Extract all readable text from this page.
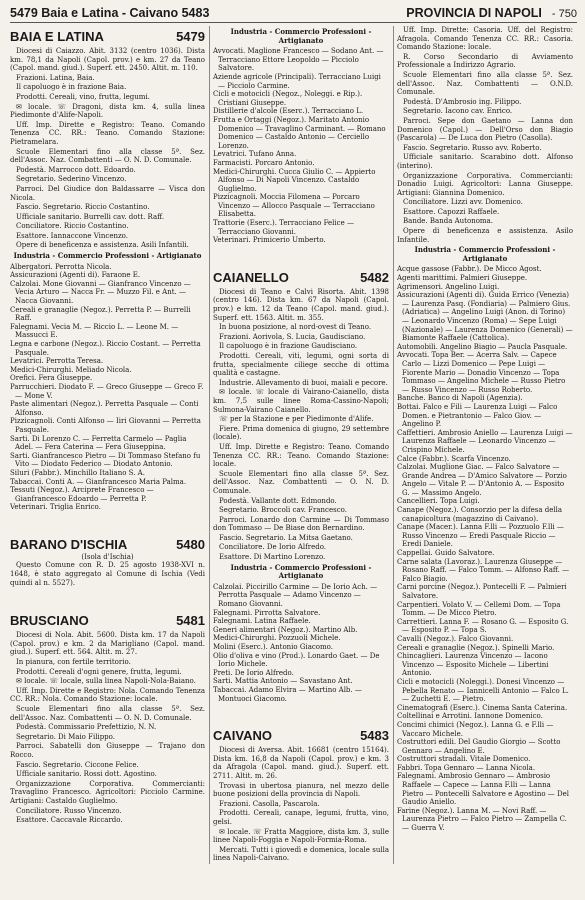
5479 Baia e Latina - Caivano 5483	PROVINCIA DI NAPOLI - 750
BAIA E LATINA	5479

Diocesi di Caiazzo. Abit. 3132 (centro 1036). Dista km. 78,1 da Napoli (Capol. prov.) e km. 27 da Teano (Capol. mand. giud.). Superf. ett. 2450. Altit. m. 110.

Frazioni. Latina, Baia.

Il capoluogo è in frazione Baia.

Prodotti. Cereali, vino, frutta, legumi.

✉ locale. ☏ Dragoni, dista km. 4, sulla linea Piedimonte d'Alife-Napoli.

Uff. Imp. Dirette e Registro: Teano. Comando Tenenza CC. RR.: Teano. Comando Stazione: Pietramelara.

Scuole Elementari fino alla classe 5ª. Sez. dell'Assoc. Naz. Combattenti — O. N. D. Comunale.

Podestà. Marrocco dott. Edoardo.

Segretario. Sederino Vincenzo.

Parroci. Del Giudice don Baldassarre — Visca don Nicola.

Fascio. Segretario. Riccio Costantino.

Ufficiale sanitario. Burrelli cav. dott. Raff.

Conciliatore. Riccio Costantino.

Esattore. Iannaccone Vincenzo.

Opere di beneficenza e assistenza. Asili Infantili.

Industria - Commercio Professioni - Artigianato

Albergatori. Perrotta Nicola.

Assicurazioni (Agenti di). Faraone E.

Calzolai. Mone Giovanni — Gianfranco Vincenzo — Vecia Arturo — Nacca Fr. — Muzzo Fil. e Ant. — Nacca Giovanni.

Cereali e granaglie (Negoz.). Perretta P. — Burrelli Raff.

Falegnami. Vecia M. — Riccio L. — Leone M. — Massucci E.

Legna e carbone (Negoz.). Riccio Costant. — Perretta Pasquale.

Levatrici. Perrotta Teresa.

Medici-Chirurghi. Meliado Nicola.

Orefici. Fera Giuseppe.

Parrucchieri. Diodato F. — Greco Giuseppe — Greco F. — Mone V.

Paste alimentari (Negoz.). Perretta Pasquale — Conti Alfonso.

Pizzicagnoli. Conti Alfonso — Iiri Giovanni — Perretta Pasquale.

Sarti. Di Lorenzo C. — Ferretta Carmelo — Paglia Adel. — Fera Caterina — Fera Giuseppina.

Sarti. Gianfrancesco Pietro — Di Tommaso Stefano fu Vito — Diodato Federico — Diodato Antonio.

Siluri (Fabbr.). Minchillo Italiano S. A.

Tabaccai. Conti A. — Gianfrancesco Maria Palma.

Tessuti (Negoz.). Arciprete Francesco — Gianfrancesco Edoardo — Perretta P.

Veterinari. Triglia Enrico.

BARANO D'ISCHIA	5480
(Isola d'Ischia)

Questo Comune con R. D. 25 agosto 1938-XVI n. 1648, è stato aggregato al Comune di Ischia (Vedi quindi al n. 5527).

BRUSCIANO	5481

Diocesi di Nola. Abit. 5600. Dista km. 17 da Napoli (Capol. prov.) e km. 2 da Marigliano (Capol. mand. giud.). Superf. ett. 564. Altit. m. 27.

In pianura, con fertile territorio.

Prodotti. Cereali d'ogni genere, frutta, legumi.

✉ locale. ☏ locale, sulla linea Napoli-Nola-Baiano.

Uff. Imp. Dirette e Registro: Nola. Comando Tenenza CC. RR.: Nola. Comando Stazione: locale.

Scuole Elementari fino alla classe 5ª. Sez. dell'Assoc. Naz. Combattenti — O. N. D. Comunale.

Podestà. Commissario Prefettizio, N. N.

Segretario. Di Maio Filippo.

Parroci. Sabatelli don Giuseppe — Trajano don Rocco.

Fascio. Segretario. Ciccone Felice.

Ufficiale sanitario. Rossi dott. Agostino.

Organizzazione Corporativa. Commercianti: Travaglino Francesco. Agricoltori: Picciolo Carmine. Artigiani: Castaldo Guglielmo.

Conciliatore. Russo Vincenzo.

Esattore. Caccavale Riccardo.

Industria - Commercio Professioni - Artigianato

Avvocati. Maglione Francesco — Sodano Ant. — Terracciano Ettore Leopoldo — Picciolo Salvatore.

Aziende agricole (Principali). Terracciano Luigi — Picciolo Carmine.

Cicli e motocicli (Negoz., Noleggi. e Rip.). Cristiani Giuseppe.

Distillerie d'alcole (Eserc.). Terracciano L.

Frutta e Ortaggi (Negoz.). Maritato Antonio Domenico — Travaglino Carminant. — Romano Domenico — Castaldo Antonio — Cerciello Lorenzo.

Levatrici. Tufano Anna.

Farmacisti. Porcaro Antonio.

Medici-Chirurghi. Cucca Giulio C. — Appierto Alfonso — Di Napoli Vincenzo. Castaldo Guglielmo.

Pizzicagnoli. Moccia Filomena — Porcaro Vincenzo — Allocco Pasquale — Terracciano Elisabetta.

Trattorie (Eserc.). Terracciano Felice — Terracciano Giovanni.

Veterinari. Primicerio Umberto.

CAIANELLO	5482

Diocesi di Teano e Calvi Risorta. Abit. 1398 (centro 146). Dista km. 67 da Napoli (Capol. prov.) e km. 12 da Teano (Capol. mand. giud.). Superf. ett. 1563. Altit. m. 355.

In buona posizione, al nord-ovest di Teano.

Frazioni. Aorivola, S. Lucia, Gaudisciano.

Il capoluogo è in frazione Gaudisciano.

Prodotti. Cereali, viti, legumi, ogni sorta di frutta, specialmente ciliege secche di ottima qualità e castagne.

Industrie. Allevamento di buoi, maiali e pecore.

✉ locale. ☏ locale di Vairano-Caianello, dista km. 7,5 sulle linee Roma-Cassino-Napoli; Sulmona-Vairano Caianello.

☏ per la Stazione e per Piedimonte d'Alife.

Fiere. Prima domenica di giugno, 29 settembre (locale).

Uff. Imp. Dirette e Registro: Teano. Comando Tenenza CC. RR.: Teano. Comando Stazione: locale.

Scuole Elementari fino alla classe 5ª. Sez. dell'Assoc. Naz. Combattenti — O. N. D. Comunale.

Podestà. Vallante dott. Edmondo.

Segretario. Broccoli cav. Francesco.

Parroci. Lonardo don Carmine — Di Tommaso don Tommaso — De Biase don Bernardino.

Fascio. Segretario. La Mitsa Gaetano.

Conciliatore. De Iorio Alfredo.

Esattore. Di Martino Lorenzo.

Industria - Commercio Professioni - Artigianato

Calzolai. Piccirillo Carmine — De Iorio Ach. — Perrotta Pasquale — Adamo Vincenzo — Romano Giovanni.

Falegnami. Pirrotta Salvatore.

Falegnami. Latina Raffaele.

Generi alimentari (Negoz.). Martino Alb.

Medici-Chirurghi. Pozzuoli Michele.

Molini (Eserc.). Antonio Giacomo.

Olio d'oliva e vino (Prod.). Lonardo Gaet. — De Iorio Michele.

Preti. De Iorio Alfredo.

Sarti. Mattia Antonio — Savastano Ant.

Tabaccai. Adamo Elvira — Martino Alb. — Montuoci Giacomo.

CAIVANO	5483

Diocesi di Aversa. Abit. 16681 (centro 15164). Dista km. 16,8 da Napoli (Capol. prov.) e km. 3 da Afragola (Capol. mand. giud.). Superf. ett. 2711. Altit. m. 26.

Trovasi in ubertosa pianura, nel mezzo delle buone posizioni della provincia di Napoli.

Frazioni. Casolla, Pascarola.

Prodotti. Cereali, canape, legumi, frutta, vino, gelsi.

✉ locale. ☏ Fratta Maggiore, dista km. 3, sulle linee Napoli-Foggia e Napoli-Formia-Roma.

Mercati. Tutti i giovedì e domenica, locale sulla linea Napoli-Caivano.

Uff. Imp. Dirette: Casoria. Uff. del Registro: Afragola. Comando Tenenza CC. RR.: Casoria. Comando Stazione: locale.

R. Corso Secondario di Avviamento Professionale a Indirizzo Agrario.

Scuole Elementari fino alla classe 5ª. Sez. dell'Assoc. Naz. Combattenti — O.N.D. Comunale.

Podestà. D'Ambrosio ing. Filippo.

Segretario. Iacono cav. Enrico.

Parroci. Sepe don Gaetano — Lanna don Domenico (Capol.) — Dell'Orso don Biagio (Pascarola) — De Luca don Pietro (Casolla).

Fascio. Segretario. Russo avv. Roberto.

Ufficiale sanitario. Scarabino dott. Alfonso (interino).

Organizzazione Corporativa. Commercianti: Donadio Luigi. Agricoltori: Lanna Giuseppe. Artigiani: Giannina Domenico.

Conciliatore. Lizzi avv. Domenico.

Esattore. Capozzi Raffaele.

Bande. Banda Autonoma.

Opere di beneficenza e assistenza. Asilo Infantile.

Industria - Commercio Professioni - Artigianato

Acque gassose (Fabbr.). De Micco Agost.

Agenti marittimi. Palmieri Giuseppe.

Agrimensori. Angelino Luigi.

Assicurazioni (Agenti di). Guida Errico (Venezia) — Laurenza Pasq. (Fondiaria) — Palmiero Gius. (Adriatica) — Angelino Luigi (Anon. di Torino) — Leonardo Vincenzo (Roma) — Sepe Luigi (Nazionale) — Laurenza Domenico (Generali) — Biamonte Raffaele (Cattolica).

Automobili. Angelino Biagio — Paucla Pasquale.

Avvocati. Topa Ber. — Acerra Salv. — Capece Carlo — Lizzi Domenico — Pepe Luigi — Fiorente Mario — Donadio Vincenzo — Topa Tommaso — Angelino Michele — Russo Pietro — Russo Vincenzo — Russo Roberto.

Banche. Banco di Napoli (Agenzia).

Bottai. Falco e Fili — Laurenza Luigi — Falco Domen. e Pietrantonio — Falco Giov. — Angelino P.

Caffettieri. Ambrosio Aniello — Laurenza Luigi — Laurenza Raffaele — Leonardo Vincenzo — Crispino Michele.

Calce (Fabbr.). Scarfa Vincenzo.

Calzolai. Muglione Giac. — Falco Salvatore — Grande Andrea — D'Amico Salvatore — Porzio Angelo — Vitale P. — D'Antonio A. — Esposito G. — Massimo Angelo.

Cancellieri. Topa Luigi.

Canape (Negoz.). Consorzio per la difesa della canapicoltura (magazzino di Caivano).

Canape (Macer.). Lanna F.lli — Pozzuolo F.lli — Russo Vincenzo — Eredi Pasquale Riccio — Eredi Daniele.

Cappellai. Guido Salvatore.

Carne salata (Lavoraz.). Laurenza Giuseppe — Rosano Raff. — Falco Tomm. — Alfonso Raff. — Falco Biagio.

Carni porcine (Negoz.). Pontecelli F. — Palmieri Salvatore.

Carpentieri. Volato V. — Cellemi Dom. — Topa Tomm. — De Micco Pietro.

Carrettieri. Lanna F. — Rosano G. — Esposito G. — Esposito P. — Topa S.

Cavalli (Negoz.). Falco Giovanni.

Cereali e granaglie (Negoz.). Spinelli Mario.

Chincaglieri. Laurenza Vincenzo — Iacono Vincenzo — Esposito Michele — Libertini Antonio.

Cicli e motocicli (Noleggi.). Donesi Vincenzo — Pebella Renato — Iannicelli Antonio — Falco L. — Zuchetti E. — Pietro.

Cinematografi (Eserc.). Cinema Santa Caterina.

Coltellinai e Arrotini. Iannone Domenico.

Concimi chimici (Negoz.). Lanna G. e F.lli — Vaccaro Michele.

Costruttori edili. Del Gaudio Giorgio — Scotto Gennaro — Angelino E.

Costruttori stradali. Vitale Domenico.

Fabbri. Topa Gennaro — Lanna Nicola.

Falegnami. Ambrosio Gennaro — Ambrosio Raffaele — Capece — Lanna F.lli — Lanna Pietro — Pontecelli Salvatore e Agostino — Del Gaudio Aniello.

Farine (Negoz.). Lanna M. — Novi Raff. — Laurenza Pietro — Falco Pietro — Zampella C. — Guerra V.
